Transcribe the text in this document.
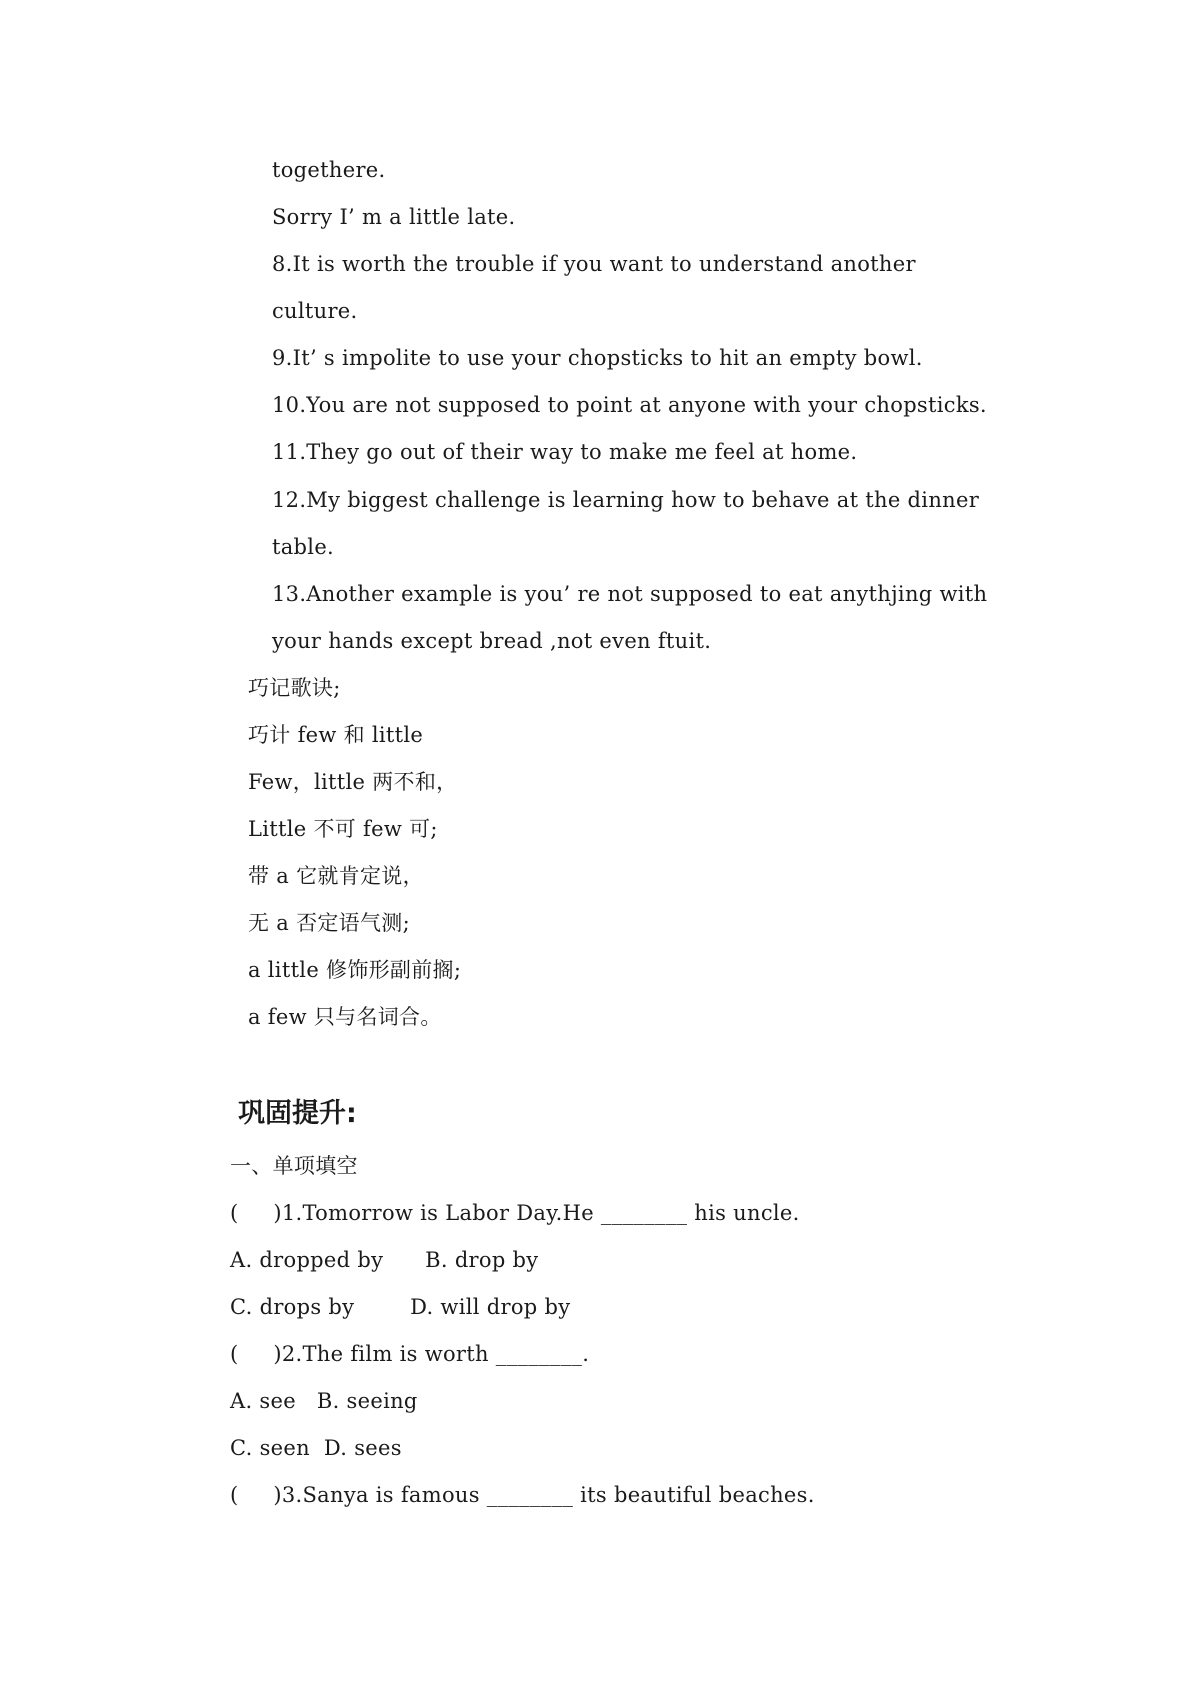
togethere.
Sorry I’ m a little late.
8.It is worth the trouble if you want to understand another
culture.
9.It’ s impolite to use your chopsticks to hit an empty bowl.
10.You are not supposed to point at anyone with your chopsticks.
11.They go out of their way to make me feel at home.
12.My biggest challenge is learning how to behave at the dinner
table.
13.Another example is you’ re not supposed to eat anythjing with
your hands except bread ,not even ftuit.
巧记歌诀;
巧计 few 和 little
Few，little 两不和，
Little 不可 few 可;
带 a 它就肯定说，
无 a 否定语气测;
a little 修饰形副前搁;
a few 只与名词合。
巩固提升:
一、单项填空
(     )1.Tomorrow is Labor Day.He ________ his uncle.
A. dropped by      B. drop by
C. drops by        D. will drop by
(     )2.The film is worth ________.
A. see   B. seeing
C. seen  D. sees
(     )3.Sanya is famous ________ its beautiful beaches.
